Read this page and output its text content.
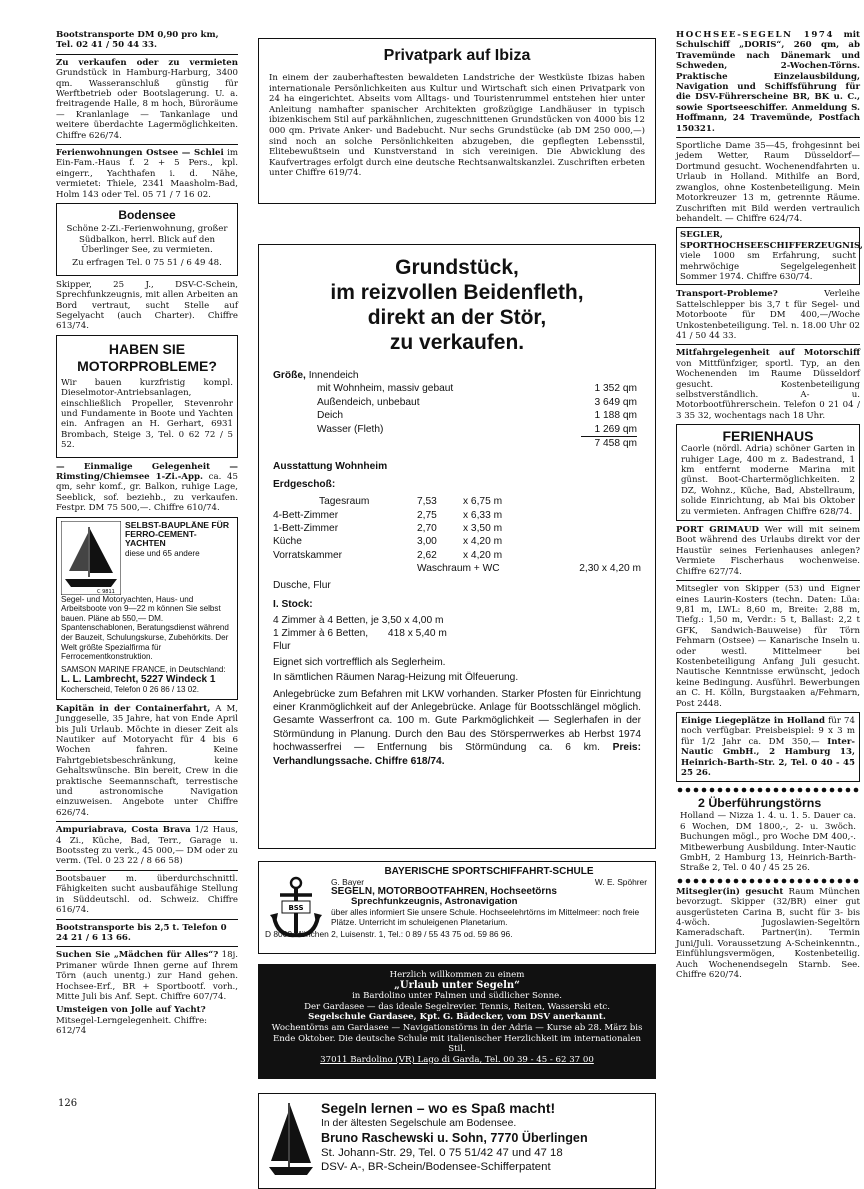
Bootstransporte DM 0,90 pro km, Tel. 02 41 / 50 44 33.

Zu verkaufen oder zu vermieten Grundstück in Hamburg-Harburg, 3400 qm. Wasseranschluß günstig für Werftbetrieb oder Bootslagerung. U. a. freitragende Halle, 8 m hoch, Büroräume — Kranlanlage — Tankanlage und weitere überdachte Lagermöglichkeiten. Chiffre 626/74.

Ferienwohnungen Ostsee — Schlei im Ein-Fam.-Haus f. 2 + 5 Pers., kpl. eingerr., Yachthafen i. d. Nähe, vermietet: Thiele, 2341 Maasholm-Bad, Holm 143 oder Tel. 05 71 / 7 16 02.

Bodensee
Schöne 2-Zi.-Ferienwohnung, großer Südbalkon, herrl. Blick auf den Überlinger See, zu vermieten.
Zu erfragen Tel. 0 75 51 / 6 49 48.

Skipper, 25 J., DSV-C-Schein, Sprechfunkzeugnis, mit allen Arbeiten an Bord vertraut, sucht Stelle auf Segelyacht (auch Charter). Chiffre 613/74.

HABEN SIE MOTORPROBLEME?
Wir bauen kurzfristig kompl. Dieselmotor-Antriebsanlagen, einschließlich Propeller, Stevenrohr und Fundamente in Boote und Yachten ein. Anfragen an H. Gerhart, 6931 Brombach, Steige 3, Tel. 0 62 72 / 5 52.

— Einmalige Gelegenheit — Rimsting/Chiemsee 1-Zi.-App. ca. 45 qm, sehr komf., gr. Balkon, ruhige Lage, Seeblick, sof. beziehb., zu verkaufen. Festpr. DM 75 500,—. Chiffre 610/74.

C 9811
SELBST-BAUPLÄNE FÜR FERRO-CEMENT-YACHTEN
diese und 65 andere
Segel- und Motoryachten, Haus- und Arbeitsboote von 9—22 m können Sie selbst bauen. Pläne ab 550,— DM. Spantenschablonen, Beratungsdienst während der Bauzeit, Schulungskurse, Zubehörkits. Der Welt größte Spezialfirma für Ferrocementkonstruktion.
SAMSON MARINE FRANCE, in Deutschland:
L. L. Lambrecht, 5227 Windeck 1
Kocherscheid, Telefon 0 26 86 / 13 02.

Kapitän in der Containerfahrt, A M, Junggeselle, 35 Jahre, hat von Ende April bis Juli Urlaub. Möchte in dieser Zeit als Nautiker auf Motoryacht für 4 bis 6 Wochen fahren. Keine Fahrtgebietsbeschränkung, keine Gehaltswünsche. Bin bereit, Crew in die praktische Seemannschaft, terrestische und astronomische Navigation einzuweisen. Angebote unter Chiffre 626/74.

Ampuriabrava, Costa Brava 1/2 Haus, 4 Zi., Küche, Bad, Terr., Garage u. Bootssteg zu verk., 45 000,— DM oder zu verm. (Tel. 0 23 22 / 8 66 58)

Bootsbauer m. überdurchschnittl. Fähigkeiten sucht ausbaufähige Stellung in Süddeutschl. od. Schweiz. Chiffre 616/74.

Bootstransporte bis 2,5 t. Telefon 0 24 21 / 6 13 66.

Suchen Sie „Mädchen für Alles“? 18j. Primaner würde Ihnen gerne auf Ihrem Törn (auch unentg.) zur Hand gehen. Hochsee-Erf., BR + Sportbootf. vorh., Mitte Juli bis Anf. Sept. Chiffre 607/74.

Umsteigen von Jolle auf Yacht? Mitsegel-Lerngelegenheit. Chiffre: 612/74

Privatpark auf Ibiza
In einem der zauberhaftesten bewaldeten Landstriche der Westküste Ibizas haben internationale Persönlichkeiten aus Kultur und Wirtschaft sich einen Privatpark von 24 ha eingerichtet. Abseits vom Alltags- und Touristenrummel entstehen hier unter Anleitung namhafter spanischer Architekten großzügige Landhäuser in typisch ibizenkischem Stil auf parkähnlichen, zugeschnittenen Grundstücken von 4000 bis 12 000 qm. Private Anker- und Badebucht. Nur sechs Grundstücke (ab DM 250 000,—) sind noch an solche Persönlichkeiten abzugeben, die gepflegten Lebensstil, Elitebewußtsein und Kunstverstand in sich vereinigen. Die Abwicklung des Kaufvertrages erfolgt durch eine deutsche Rechtsanwaltskanzlei. Zuschriften erbeten unter Chiffre 619/74.
Grundstück,
im reizvollen Beidenfleth,
direkt an der Stör,
zu verkaufen.
Größe, Innendeich
mit Wohnheim, massiv gebaut	1 352 qm
Außendeich, unbebaut	3 649 qm
Deich	1 188 qm
Wasser (Fleth)	1 269 qm
7 458 qm
Ausstattung Wohnheim
Erdgeschoß:
Tagesraum	7,53	x 6,75 m
4-Bett-Zimmer	2,75	x 6,33 m
1-Bett-Zimmer	2,70	x 3,50 m
Küche	3,00	x 4,20 m
Vorratskammer	2,62	x 4,20 m
Waschraum + WC	2,30 x 4,20 m
Dusche, Flur
I. Stock:
4 Zimmer à 4 Betten, je 3,50 x 4,00 m
1 Zimmer à 6 Betten,       418 x 5,40 m
Flur
Eignet sich vortrefflich als Seglerheim.
In sämtlichen Räumen Narag-Heizung mit Ölfeuerung.
Anlegebrücke zum Befahren mit LKW vorhanden. Starker Pfosten für Einrichtung einer Kranmöglichkeit auf der Anlegebrücke. Anlage für Bootsschlängel möglich. Gesamte Wasserfront ca. 100 m. Gute Parkmöglichkeit — Seglerhafen in der Störmündung in Planung. Durch den Bau des Störsperrwerkes ab Herbst 1974 hochwasserfrei — Entfernung bis Störmündung ca. 6 km. Preis: Verhandlungssache. Chiffre 618/74.
BSS
BAYERISCHE SPORTSCHIFFAHRT-SCHULE
G. Bayer	W. E. Spöhrer
SEGELN, MOTORBOOTFAHREN, Hochseetörns
Sprechfunkzeugnis, Astronavigation
über alles informiert Sie unsere Schule. Hochseelehrtörns im Mittelmeer: noch freie Plätze. Unterricht im schuleigenen Planetarium.
D 8000 München 2, Luisenstr. 1, Tel.: 0 89 / 55 43 75 od. 59 86 96.
Herzlich willkommen zu einem
„Urlaub unter Segeln“
in Bardolino unter Palmen und südlicher Sonne.
Der Gardasee — das ideale Segelrevier. Tennis, Reiten, Wasserski etc.
Segelschule Gardasee, Kpt. G. Bädecker, vom DSV anerkannt.
Wochentörns am Gardasee — Navigationstörns in der Adria — Kurse ab 28. März bis Ende Oktober. Die deutsche Schule mit italienischer Herzlichkeit im internationalen Stil.
37011 Bardolino (VR) Lago di Garda, Tel. 00 39 - 45 - 62 37 00
Segeln lernen – wo es Spaß macht!
In der ältesten Segelschule am Bodensee.
Bruno Raschewski u. Sohn, 7770 Überlingen
St. Johann-Str. 29, Tel. 0 75 51/42 47 und 47 18
DSV- A-, BR-Schein/Bodensee-Schifferpatent

HOCHSEE-SEGELN 1974 mit Schulschiff „DORIS“, 260 qm, ab Travemünde nach Dänemark und Schweden, 2-Wochen-Törns. Praktische Einzelausbildung, Navigation und Schiffsführung für die DSV-Führerscheine BR, BK u. C., sowie Sportseeschiffer. Anmeldung S. Hoffmann, 24 Travemünde, Postfach 150321.

Sportliche Dame 35—45, frohgesinnt bei jedem Wetter, Raum Düsseldorf—Dortmund gesucht. Wochenendfahrten u. Urlaub in Holland. Mithilfe an Bord, zwanglos, ohne Kostenbeteiligung. Mein Motorkreuzer 13 m, getrennte Räume. Zuschriften mit Bild werden vertraulich behandelt. — Chiffre 624/74.

SEGLER, SPORTHOCHSEESCHIFFERZEUGNIS, viele 1000 sm Erfahrung, sucht mehrwöchige Segelgelegenheit Sommer 1974. Chiffre 630/74.

Transport-Probleme?	Verleihe Sattelschlepper bis 3,7 t für Segel- und Motorboote für DM 400,—/Woche Unkostenbeteiligung. Tel. n. 18.00 Uhr 02 41 / 50 44 33.

Mitfahrgelegenheit auf Motorschiff von Mittfünfziger, sportl. Typ, an den Wochenenden im Raume Düsseldorf gesucht. Kostenbeteiligung selbstverständlich. A- u. Motorbootführerschein. Telefon 0 21 04 / 3 35 32, wochentags nach 18 Uhr.

FERIENHAUS
Caorle (nördl. Adria) schöner Garten in ruhiger Lage, 400 m z. Badestrand, 1 km entfernt moderne Marina mit günst. Boot-Chartermöglichkeiten. 2 DZ, Wohnz., Küche, Bad, Abstellraum, solide Einrichtung, ab Mai bis Oktober zu vermieten. Anfragen Chiffre 628/74.

PORT GRIMAUD Wer will mit seinem Boot während des Urlaubs direkt vor der Haustür seines Ferienhauses anlegen? Vermiete Fischerhaus wochenweise. Chiffre 627/74.

Mitsegler von Skipper (53) und Eigner eines Laurin-Kosters (techn. Daten: Lüa: 9,81 m, LWL: 8,60 m, Breite: 2,88 m, Tiefg.: 1,50 m, Verdr.: 5 t, Ballast: 2,2 t GFK, Sandwich-Bauweise) für Törn Fehmarn (Ostsee) — Kanarische Inseln u. oder westl. Mittelmeer bei Kostenbeteiligung Anfang Juli gesucht. Nautische Kenntnisse erwünscht, jedoch keine Bedingung. Ausführl. Bewerbungen an C. H. Kölln, Burgstaaken a/Fehmarn, Post 2448.

Einige Liegeplätze in Holland für 74 noch verfügbar. Preisbeispiel: 9 x 3 m für 1/2 Jahr ca. DM 350,— Inter-Nautic GmbH., 2 Hamburg 13, Heinrich-Barth-Str. 2, Tel. 0 40 - 45 25 26.
2 Überführungstörns
Holland — Nizza 1. 4. u. 1. 5. Dauer ca. 6 Wochen, DM 1800,-, 2- u. 3wöch. Buchungen mögl., pro Woche DM 400,-. Mitbewerbung Ausbildung. Inter-Nautic GmbH, 2 Hamburg 13, Heinrich-Barth-Straße 2, Tel. 0 40 / 45 25 26.

Mitsegler(in) gesucht Raum München bevorzugt. Skipper (32/BR) einer gut ausgerüsteten Carina B, sucht für 3- bis 4-wöch. Jugoslawien-Segeltörn Kameradschaft. Partner(in). Termin Juni/Juli. Voraussetzung A-Scheinkenntn., Einfühlungsvermögen, Kostenbeteilig. Auch Wochenendsegeln Starnb. See. Chiffre 620/74.

126
